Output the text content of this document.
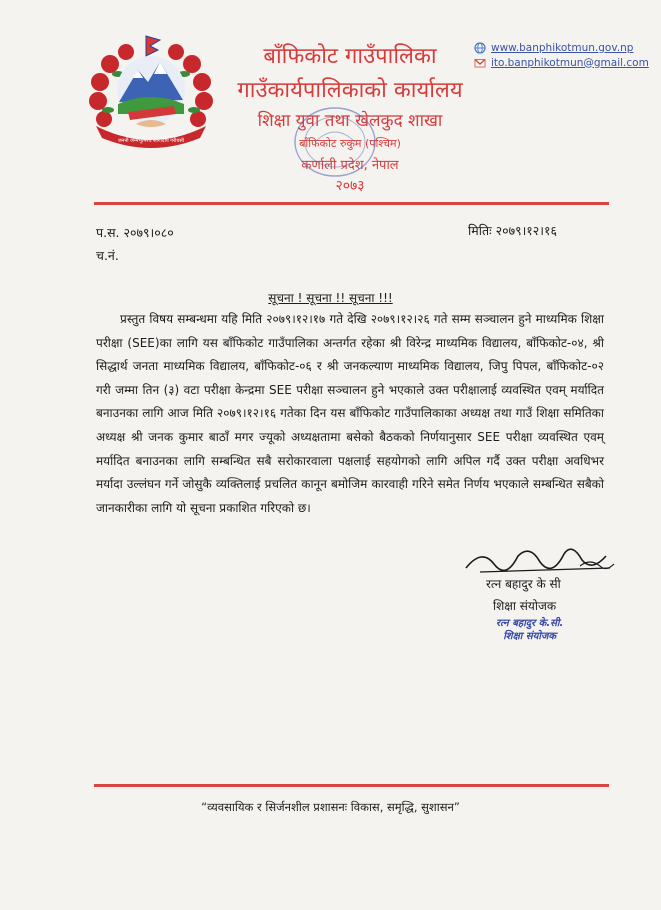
जननी जन्मभूमिश्च स्वर्गादपि गरीयसी
बाँफिकोट गाउँपालिका
गाउँकार्यपालिकाको कार्यालय
शिक्षा युवा तथा खेलकुद शाखा
बाँफिकोट रुकुम (पश्चिम)
कर्णाली प्रदेश, नेपाल
२०७३
www.banphikotmun.gov.np
ito.banphikotmun@gmail.com
प.स. २०७९।०८०
च.नं.
मितिः २०७९।१२।१६
सूचना ! सूचना !! सूचना !!!
प्रस्तुत विषय सम्बन्धमा यहि मिति २०७९।१२।१७ गते देखि २०७९।१२।२६ गते सम्म सञ्चालन हुने माध्यमिक शिक्षा परीक्षा (SEE)का लागि यस बाँफिकोट गाउँपालिका अन्तर्गत रहेका श्री विरेन्द्र माध्यमिक विद्यालय, बाँफिकोट-०४, श्री सिद्धार्थ जनता माध्यमिक विद्यालय, बाँफिकोट-०६ र श्री जनकल्याण माध्यमिक विद्यालय, जिपु पिपल, बाँफिकोट-०२ गरी जम्मा तिन (३) वटा परीक्षा केन्द्रमा SEE परीक्षा सञ्चालन हुने भएकाले उक्त परीक्षालाई व्यवस्थित एवम् मर्यादित बनाउनका लागि आज मिति २०७९।१२।१६ गतेका दिन यस बाँफिकोट गाउँपालिकाका अध्यक्ष तथा गाउँ शिक्षा समितिका अध्यक्ष श्री जनक कुमार बाठाँ मगर ज्यूको अध्यक्षतामा बसेको बैठकको निर्णयानुसार SEE परीक्षा व्यवस्थित एवम् मर्यादित बनाउनका लागि सम्बन्धित सबै सरोकारवाला पक्षलाई सहयोगको लागि अपिल गर्दै उक्त परीक्षा अवधिभर मर्यादा उल्लंघन गर्ने जोसुकै व्यक्तिलाई प्रचलित कानून बमोजिम कारवाही गरिने समेत निर्णय भएकाले सम्बन्धित सबैको जानकारीका लागि यो सूचना प्रकाशित गरिएको छ।
रत्न बहादुर के सी
शिक्षा संयोजक
रत्न बहादुर के.सी.
शिक्षा संयोजक
“व्यवसायिक र सिर्जनशील प्रशासनः विकास, समृद्धि, सुशासन”
